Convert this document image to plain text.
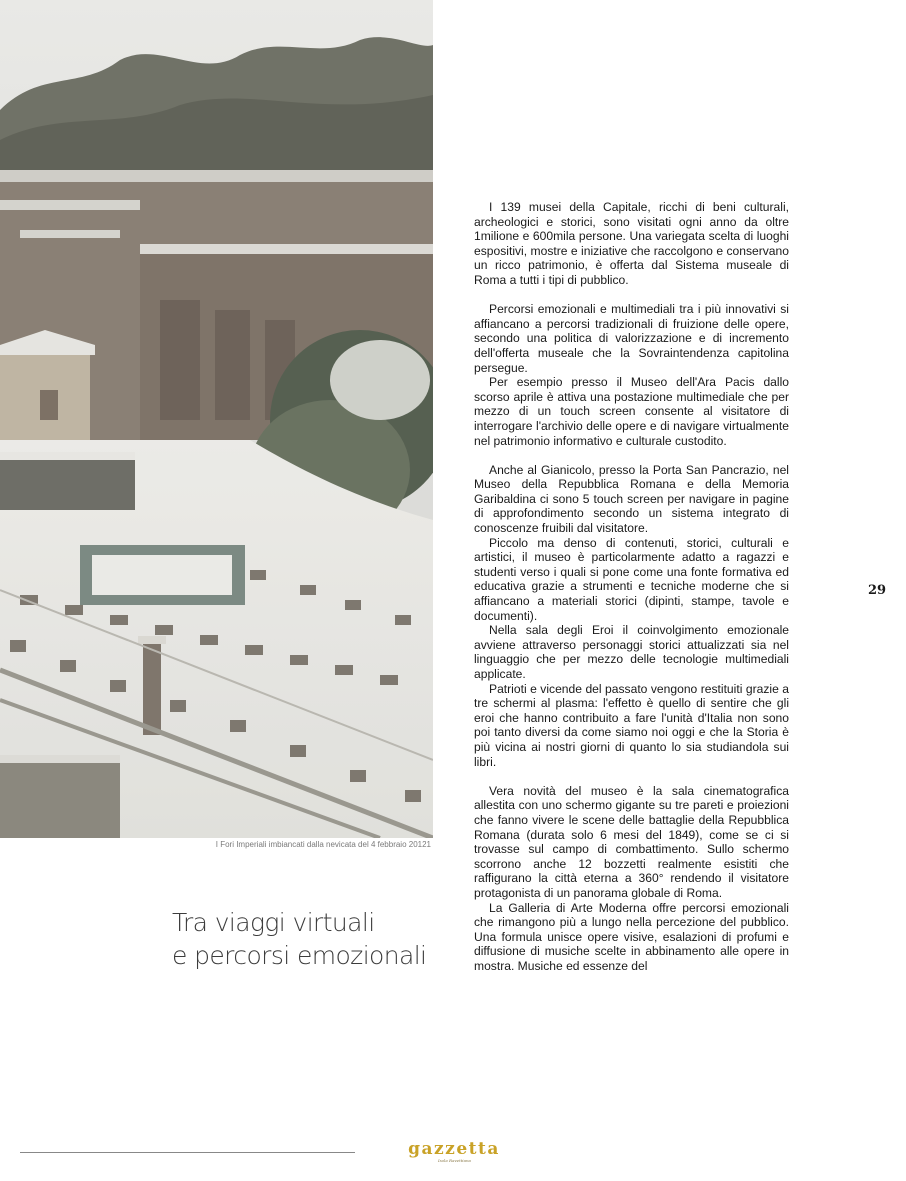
I Fori Imperiali imbiancati dalla nevicata del 4 febbraio 20121
Tra viaggi virtuali
e percorsi emozionali

I 139 musei della Capitale, ricchi di beni culturali, archeologici e storici, sono visitati ogni anno da oltre 1milione e 600mila persone. Una variegata scelta di luoghi espositivi, mostre e iniziative che raccolgono e conservano un ricco patrimonio, è offerta dal Sistema museale di Roma a tutti i tipi di pubblico.

Percorsi emozionali e multimediali tra i più innovativi si affiancano a percorsi tradizionali di fruizione delle opere, secondo una politica di valorizzazione e di incremento dell'offerta museale che la Sovraintendenza capitolina persegue.

Per esempio presso il Museo dell'Ara Pacis dallo scorso aprile è attiva una postazione multimediale che per mezzo di un touch screen consente al visitatore di interrogare l'archivio delle opere e di navigare virtualmente nel patrimonio informativo e culturale custodito.

Anche al Gianicolo, presso la Porta San Pancrazio, nel Museo della Repubblica Romana e della Memoria Garibaldina ci sono 5 touch screen per navigare in pagine di approfondimento secondo un sistema integrato di conoscenze fruibili dal visitatore.

Piccolo ma denso di contenuti, storici, culturali e artistici, il museo è particolarmente adatto a ragazzi e studenti verso i quali si pone come una fonte formativa ed educativa grazie a strumenti e tecniche moderne che si affiancano a materiali storici (dipinti, stampe, tavole e documenti).

Nella sala degli Eroi il coinvolgimento emozionale avviene attraverso personaggi storici attualizzati sia nel linguaggio che per mezzo delle tecnologie multimediali applicate.

Patrioti e vicende del passato vengono restituiti grazie a tre schermi al plasma: l'effetto è quello di sentire che gli eroi che hanno contribuito a fare l'unità d'Italia non sono poi tanto diversi da come siamo noi oggi e che la Storia è più vicina ai nostri giorni di quanto lo sia studiandola sui libri.

Vera novità del museo è la sala cinematografica allestita con uno schermo gigante su tre pareti e proiezioni che fanno vivere le scene delle battaglie della Repubblica Romana (durata solo 6 mesi del 1849), come se ci si trovasse sul campo di combattimento. Sullo schermo scorrono anche 12 bozzetti realmente esistiti che raffigurano la città eterna a 360° rendendo il visitatore protagonista di un panorama globale di Roma.

La Galleria di Arte Moderna offre percorsi emozionali che rimangono più a lungo nella percezione del pubblico. Una formula unisce opere visive, esalazioni di profumi e diffusione di musiche scelte in abbinamento alle opere in mostra. Musiche ed essenze del

29
gazzetta
Isola Ravettiana
